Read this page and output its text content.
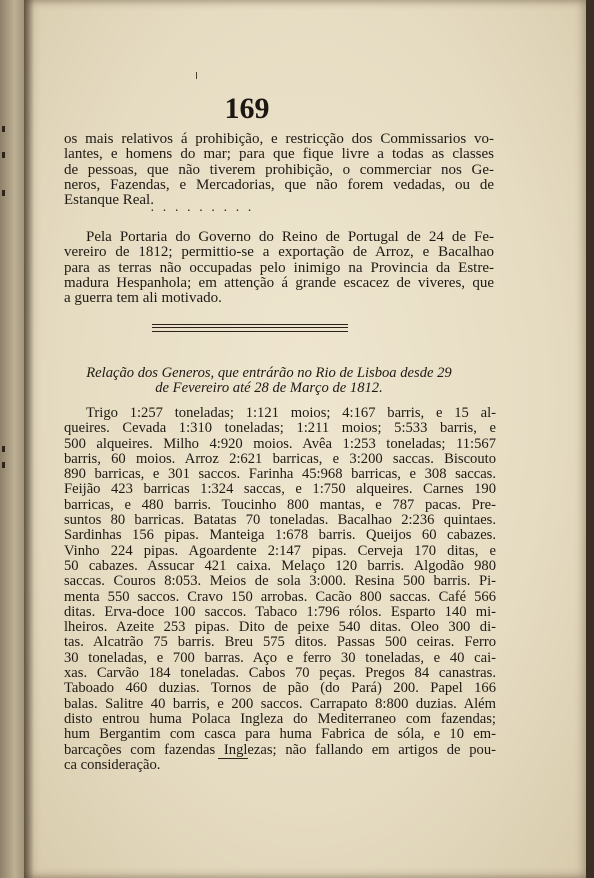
169
os mais relativos á prohibição, e restricção dos Commissarios vo-
lantes, e homens do mar; para que fique livre a todas as classes
de pessoas, que não tiverem prohibição, o commerciar nos Ge-
neros, Fazendas, e Mercadorias, que não forem vedadas, ou de
Estanque Real.
· · · · · · · · ·
Pela Portaria do Governo do Reino de Portugal de 24 de Fe-
vereiro de 1812; permittio-se a exportação de Arroz, e Bacalhao
para as terras não occupadas pelo inimigo na Provincia da Estre-
madura Hespanhola; em attenção á grande escacez de viveres, que
a guerra tem ali motivado.
Relação dos Generos, que entrárão no Rio de Lisboa desde 29
de Fevereiro até 28 de Março de 1812.
Trigo 1:257 toneladas; 1:121 moios; 4:167 barris, e 15 al-
queires. Cevada 1:310 toneladas; 1:211 moios; 5:533 barris, e
500 alqueires. Milho 4:920 moios. Avêa 1:253 toneladas; 11:567
barris, 60 moios. Arroz 2:621 barricas, e 3:200 saccas. Biscouto
890 barricas, e 301 saccos. Farinha 45:968 barricas, e 308 saccas.
Feijão 423 barricas 1:324 saccas, e 1:750 alqueires. Carnes 190
barricas, e 480 barris. Toucinho 800 mantas, e 787 pacas. Pre-
suntos 80 barricas. Batatas 70 toneladas. Bacalhao 2:236 quintaes.
Sardinhas 156 pipas. Manteiga 1:678 barris. Queijos 60 cabazes.
Vinho 224 pipas. Agoardente 2:147 pipas. Cerveja 170 ditas, e
50 cabazes. Assucar 421 caixa. Melaço 120 barris. Algodão 980
saccas. Couros 8:053. Meios de sola 3:000. Resina 500 barris. Pi-
menta 550 saccos. Cravo 150 arrobas. Cacão 800 saccas. Café 566
ditas. Erva-doce 100 saccos. Tabaco 1:796 rólos. Esparto 140 mi-
lheiros. Azeite 253 pipas. Dito de peixe 540 ditas. Oleo 300 di-
tas. Alcatrão 75 barris. Breu 575 ditos. Passas 500 ceiras. Ferro
30 toneladas, e 700 barras. Aço e ferro 30 toneladas, e 40 cai-
xas. Carvão 184 toneladas. Cabos 70 peças. Pregos 84 canastras.
Taboado 460 duzias. Tornos de pão (do Pará) 200. Papel 166
balas. Salitre 40 barris, e 200 saccos. Carrapato 8:800 duzias. Além
disto entrou huma Polaca Ingleza do Mediterraneo com fazendas;
hum Bergantim com casca para huma Fabrica de sóla, e 10 em-
barcações com fazendas Inglezas; não fallando em artigos de pou-
ca consideração.
